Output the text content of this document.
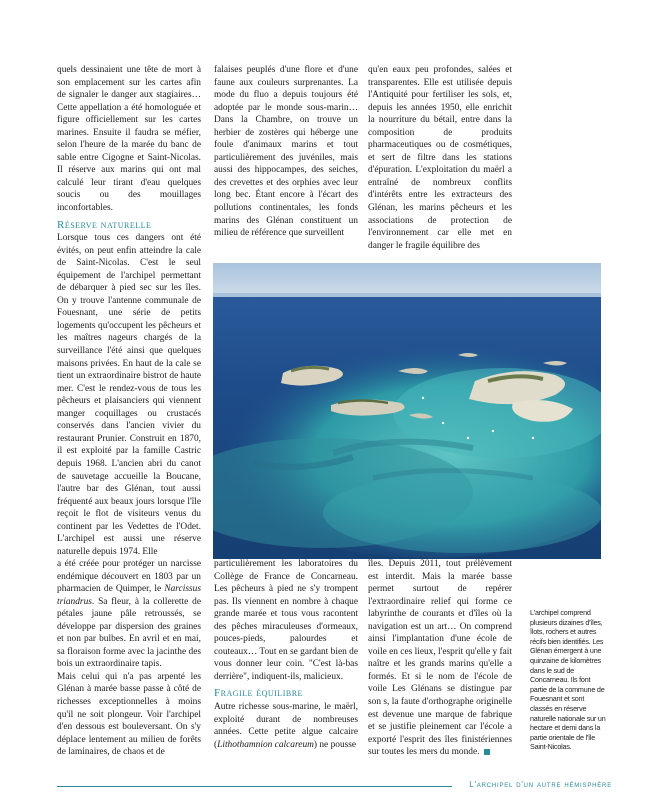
quels dessinaient une tête de mort à son emplacement sur les cartes afin de signaler le danger aux stagiaires… Cette appellation a été homologuée et figure officiellement sur les cartes marines. Ensuite il faudra se méfier, selon l'heure de la marée du banc de sable entre Cigogne et Saint-Nicolas. Il réserve aux marins qui ont mal calculé leur tirant d'eau quelques soucis ou des mouillages inconfortables.

Réserve naturelle

Lorsque tous ces dangers ont été évités, on peut enfin atteindre la cale de Saint-Nicolas. C'est le seul équipement de l'archipel permettant de débarquer à pied sec sur les îles. On y trouve l'antenne communale de Fouesnant, une série de petits logements qu'occupent les pêcheurs et les maîtres nageurs chargés de la surveillance l'été ainsi que quelques maisons privées. En haut de la cale se tient un extraordinaire bistrot de haute mer. C'est le rendez-vous de tous les pêcheurs et plaisanciers qui viennent manger coquillages ou crustacés conservés dans l'ancien vivier du restaurant Prunier. Construit en 1870, il est exploité par la famille Castric depuis 1968. L'ancien abri du canot de sauvetage accueille la Boucane, l'autre bar des Glénan, tout aussi fréquenté aux beaux jours lorsque l'île reçoit le flot de visiteurs venus du continent par les Vedettes de l'Odet. L'archipel est aussi une réserve naturelle depuis 1974. Elle

falaises peuplés d'une flore et d'une faune aux couleurs surprenantes. La mode du fluo a depuis toujours été adoptée par le monde sous-marin… Dans la Chambre, on trouve un herbier de zostères qui héberge une foule d'animaux marins et tout particulièrement des juvéniles, mais aussi des hippocampes, des seiches, des crevettes et des orphies avec leur long bec. Étant encore à l'écart des pollutions continentales, les fonds marins des Glénan constituent un milieu de référence que surveillent

qu'en eaux peu profondes, salées et transparentes. Elle est utilisée depuis l'Antiquité pour fertiliser les sols, et, depuis les années 1950, elle enrichit la nourriture du bétail, entre dans la composition de produits pharmaceutiques ou de cosmétiques, et sert de filtre dans les stations d'épuration. L'exploitation du maërl a entraîné de nombreux conflits d'intérêts entre les extracteurs des Glénan, les marins pêcheurs et les associations de protection de l'environnement car elle met en danger le fragile équilibre des

a été créée pour protéger un narcisse endémique découvert en 1803 par un pharmacien de Quimper, le Narcissus triandrus. Sa fleur, à la collerette de pétales jaune pâle retroussés, se développe par dispersion des graines et non par bulbes. En avril et en mai, sa floraison forme avec la jacinthe des bois un extraordinaire tapis.

Mais celui qui n'a pas arpenté les Glénan à marée basse passe à côté de richesses exceptionnelles à moins qu'il ne soit plongeur. Voir l'archipel d'en dessous est bouleversant. On s'y déplace lentement au milieu de forêts de laminaires, de chaos et de

particulièrement les laboratoires du Collège de France de Concarneau. Les pêcheurs à pied ne s'y trompent pas. Ils viennent en nombre à chaque grande marée et tous vous racontent des pêches miraculeuses d'ormeaux, pouces-pieds, palourdes et couteaux… Tout en se gardant bien de vous donner leur coin. "C'est là-bas derrière", indiquent-ils, malicieux.

Fragile équilibre

Autre richesse sous-marine, le maërl, exploité durant de nombreuses années. Cette petite algue calcaire (Lithothamnion calcareum) ne pousse

îles. Depuis 2011, tout prélèvement est interdit. Mais la marée basse permet surtout de repérer l'extraordinaire relief qui forme ce labyrinthe de courants et d'îles où la navigation est un art… On comprend ainsi l'implantation d'une école de voile en ces lieux, l'esprit qu'elle y fait naître et les grands marins qu'elle a formés. Et si le nom de l'école de voile Les Glénans se distingue par son s, la faute d'orthographe originelle est devenue une marque de fabrique et se justifie pleinement car l'école a exporté l'esprit des îles finistériennes sur toutes les mers du monde.

L'archipel comprend plusieurs dizaines d'îles, îlots, rochers et autres récifs bien identifiés. Les Glénan émergent à une quinzaine de kilomètres dans le sud de Concarneau. Ils font partie de la commune de Fouesnant et sont classés en réserve naturelle nationale sur un hectare et demi dans la partie orientale de l'île Saint-Nicolas.
L'archipel d'un autre hémisphère
